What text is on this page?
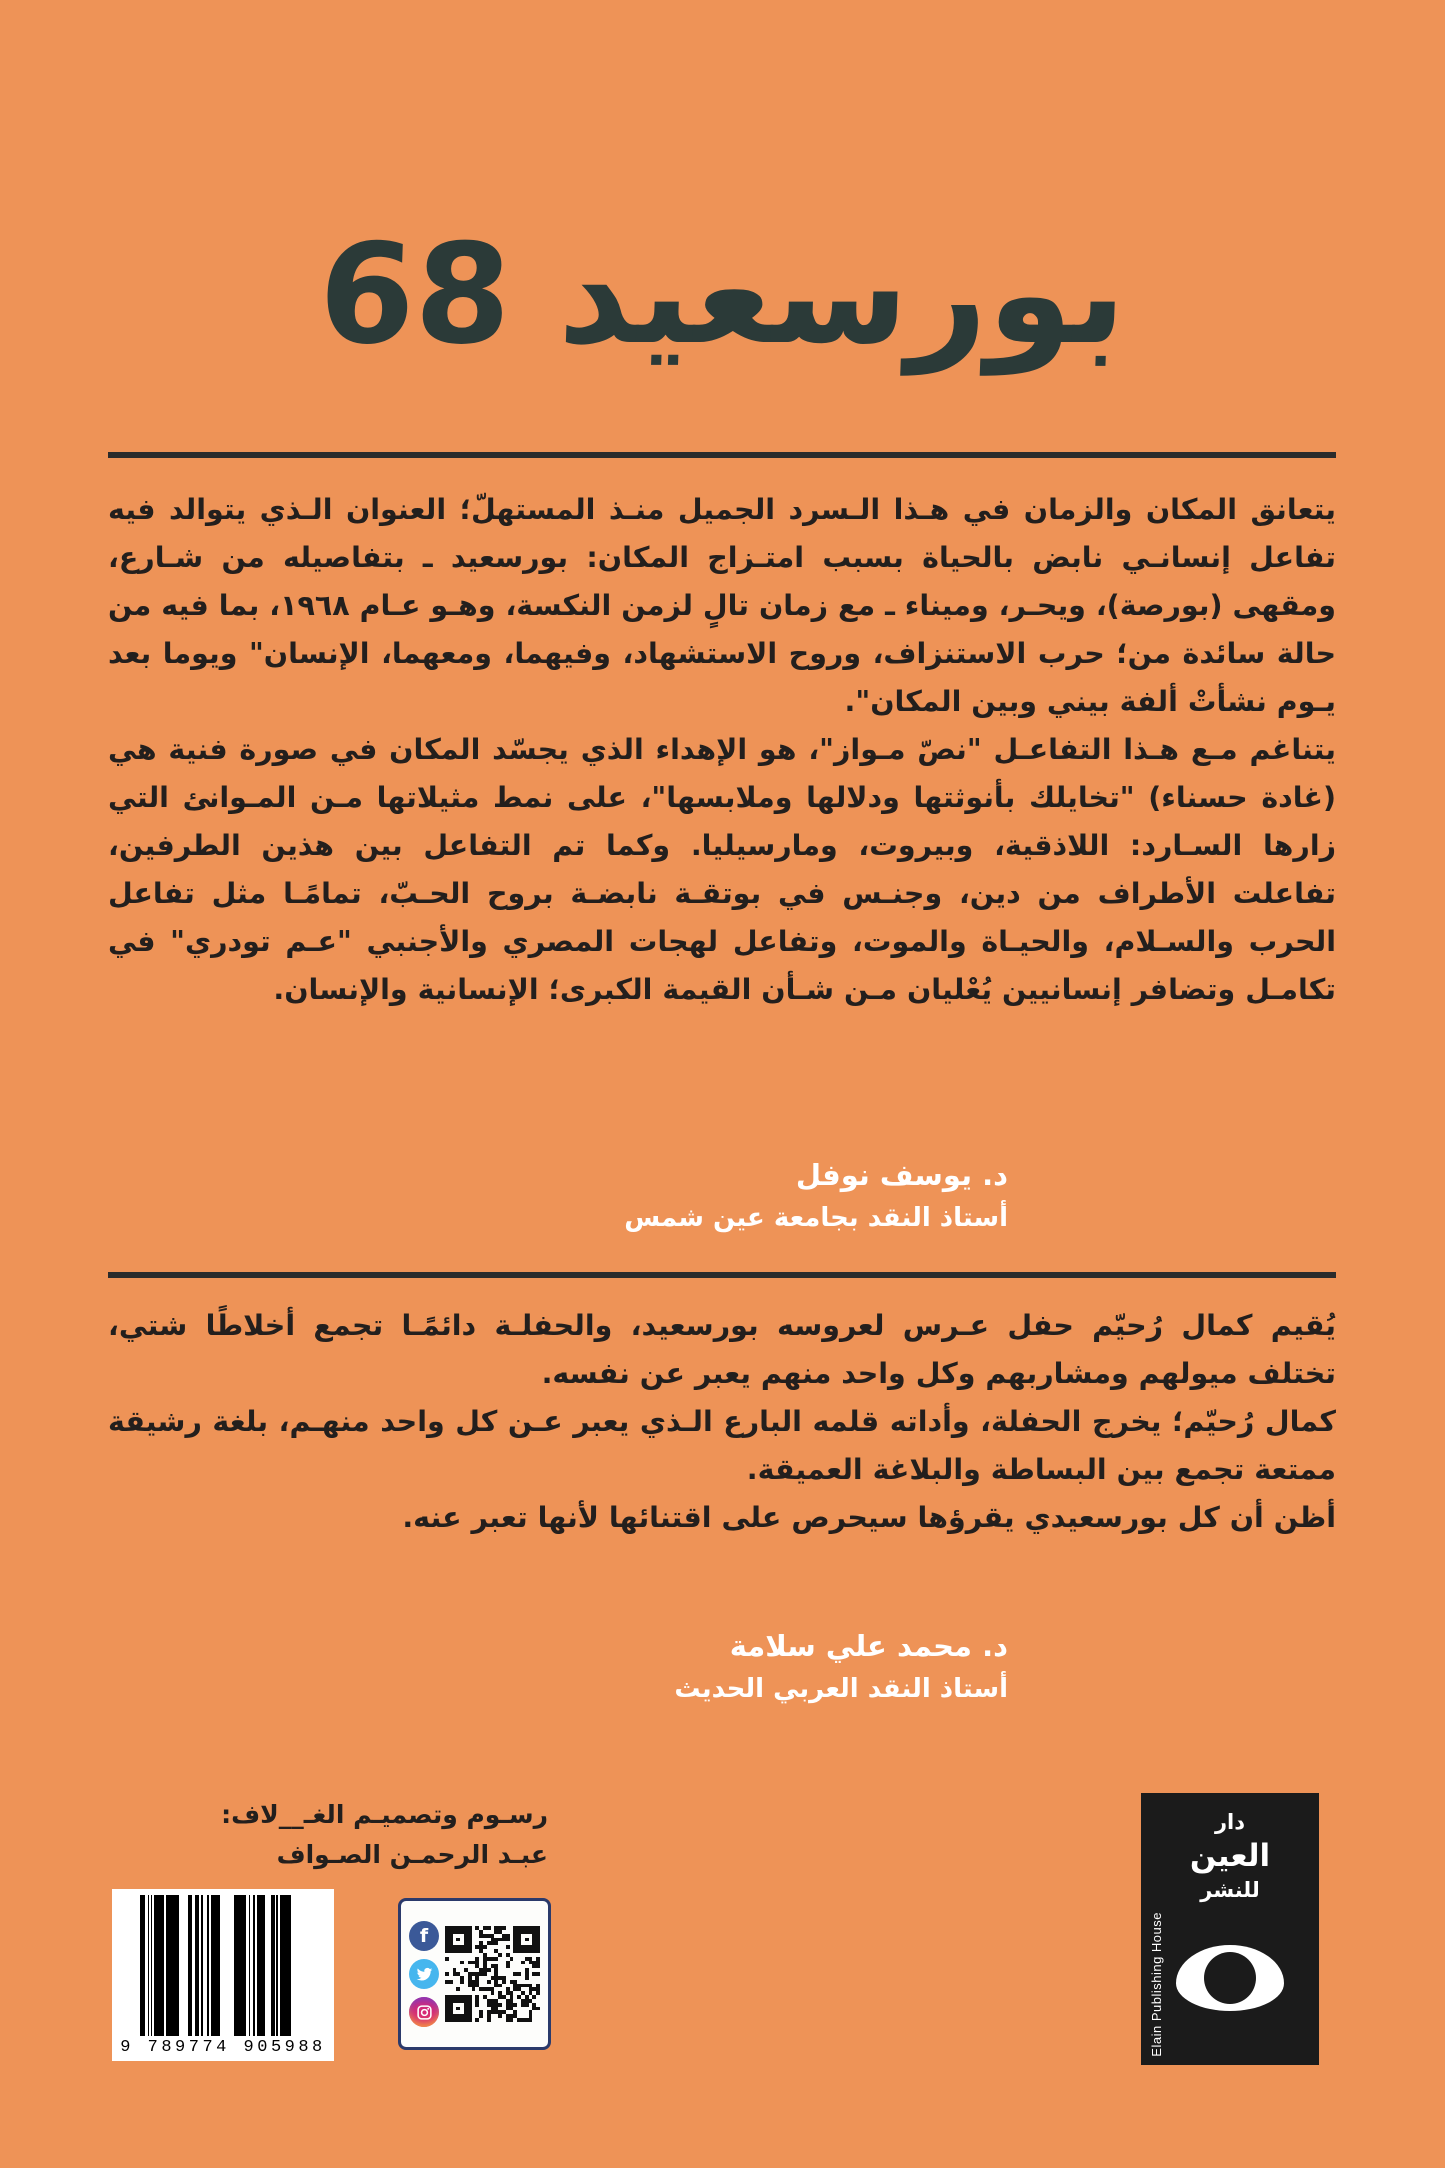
بورسعيد 68

يتعانق المكان والزمان في هـذا الـسرد الجميل منـذ المستهلّ؛ العنوان الـذي يتوالد فيه تفاعل إنسانـي نابض بالحياة بسبب امتـزاج المكان: بورسعيد ـ بتفاصيله من شـارع، ومقهى (بورصة)، ويحـر، وميناء ـ مع زمان تالٍ لزمن النكسة، وهـو عـام ١٩٦٨، بما فيه من حالة سائدة من؛ حرب الاستنزاف، وروح الاستشهاد، وفيهما، ومعهما، الإنسان" ويوما بعد يـوم نشأتْ ألفة بيني وبين المكان".

يتناغم مـع هـذا التفاعـل "نصّ مـواز"، هو الإهداء الذي يجسّد المكان في صورة فنية هي (غادة حسناء) "تخايلك بأنوثتها ودلالها وملابسها"، على نمط مثيلاتها مـن المـوانئ التي زارها السـارد: اللاذقية، وبيروت، ومارسيليا. وكما تم التفاعل بين هذين الطرفين، تفاعلت الأطراف من دين، وجنـس في بوتقـة نابضـة بروح الحـبّ، تمامًـا مثل تفاعل الحرب والسـلام، والحيـاة والموت، وتفاعل لهجات المصري والأجنبي "عـم تودري" في تكامـل وتضافر إنسانيين يُعْليان مـن شـأن القيمة الكبرى؛ الإنسانية والإنسان.

د. يوسف نوفل
أستاذ النقد بجامعة عين شمس

يُقيم كمال رُحيّم حفل عـرس لعروسه بورسعيد، والحفلـة دائمًـا تجمع أخلاطًا شتي، تختلف ميولهم ومشاربهم وكل واحد منهم يعبر عن نفسه.

كمال رُحيّم؛ يخرج الحفلة، وأداته قلمه البارع الـذي يعبر عـن كل واحد منهـم، بلغة رشيقة ممتعة تجمع بين البساطة والبلاغة العميقة.

أظن أن كل بورسعيدي يقرؤها سيحرص على اقتنائها لأنها تعبر عنه.

د. محمد علي سلامة
أستاذ النقد العربي الحديث
رسـوم وتصميـم الغـ__لاف:
عبـد الرحمـن الصـواف
9 789774 905988
f
دار
العين
للنشر
Elain Publishing House
